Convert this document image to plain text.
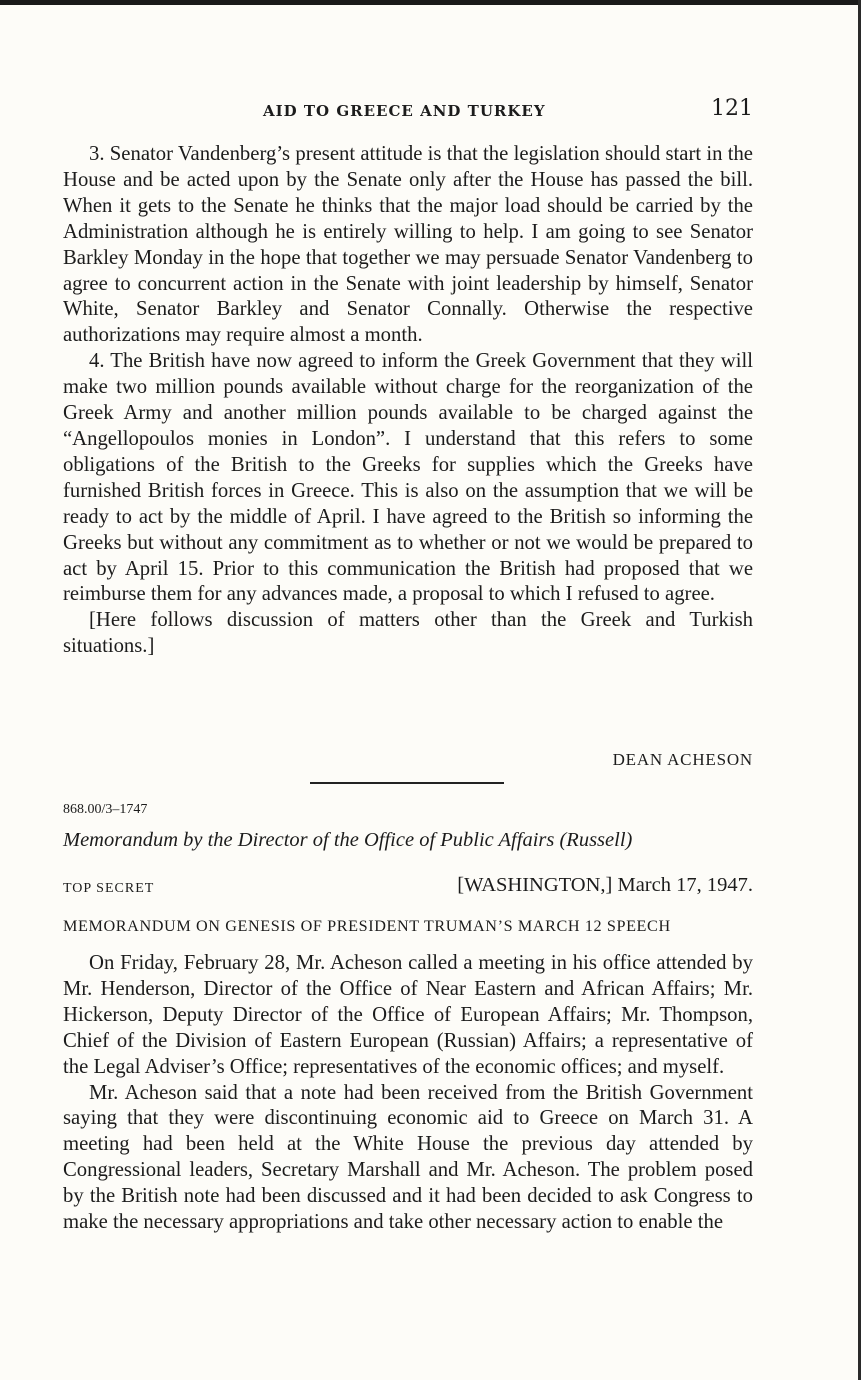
AID TO GREECE AND TURKEY	121

3. Senator Vandenberg’s present attitude is that the legislation should start in the House and be acted upon by the Senate only after the House has passed the bill. When it gets to the Senate he thinks that the major load should be carried by the Administration although he is entirely willing to help. I am going to see Senator Barkley Monday in the hope that together we may persuade Senator Vandenberg to agree to concurrent action in the Senate with joint leadership by himself, Senator White, Senator Barkley and Senator Connally. Otherwise the respective authorizations may require almost a month.

4. The British have now agreed to inform the Greek Government that they will make two million pounds available without charge for the reorganization of the Greek Army and another million pounds available to be charged against the “Angellopoulos monies in London”. I understand that this refers to some obligations of the British to the Greeks for supplies which the Greeks have furnished British forces in Greece. This is also on the assumption that we will be ready to act by the middle of April. I have agreed to the British so informing the Greeks but without any commitment as to whether or not we would be prepared to act by April 15. Prior to this communication the British had proposed that we reimburse them for any advances made, a proposal to which I refused to agree.

[Here follows discussion of matters other than the Greek and Turkish situations.]

DEAN ACHESON
868.00/3–1747
Memorandum by the Director of the Office of Public Affairs (Russell)
TOP SECRET	[WASHINGTON,] March 17, 1947.
MEMORANDUM ON GENESIS OF PRESIDENT TRUMAN’S MARCH 12 SPEECH

On Friday, February 28, Mr. Acheson called a meeting in his office attended by Mr. Henderson, Director of the Office of Near Eastern and African Affairs; Mr. Hickerson, Deputy Director of the Office of European Affairs; Mr. Thompson, Chief of the Division of Eastern European (Russian) Affairs; a representative of the Legal Adviser’s Office; representatives of the economic offices; and myself.

Mr. Acheson said that a note had been received from the British Government saying that they were discontinuing economic aid to Greece on March 31. A meeting had been held at the White House the previous day attended by Congressional leaders, Secretary Marshall and Mr. Acheson. The problem posed by the British note had been discussed and it had been decided to ask Congress to make the necessary appropriations and take other necessary action to enable the
